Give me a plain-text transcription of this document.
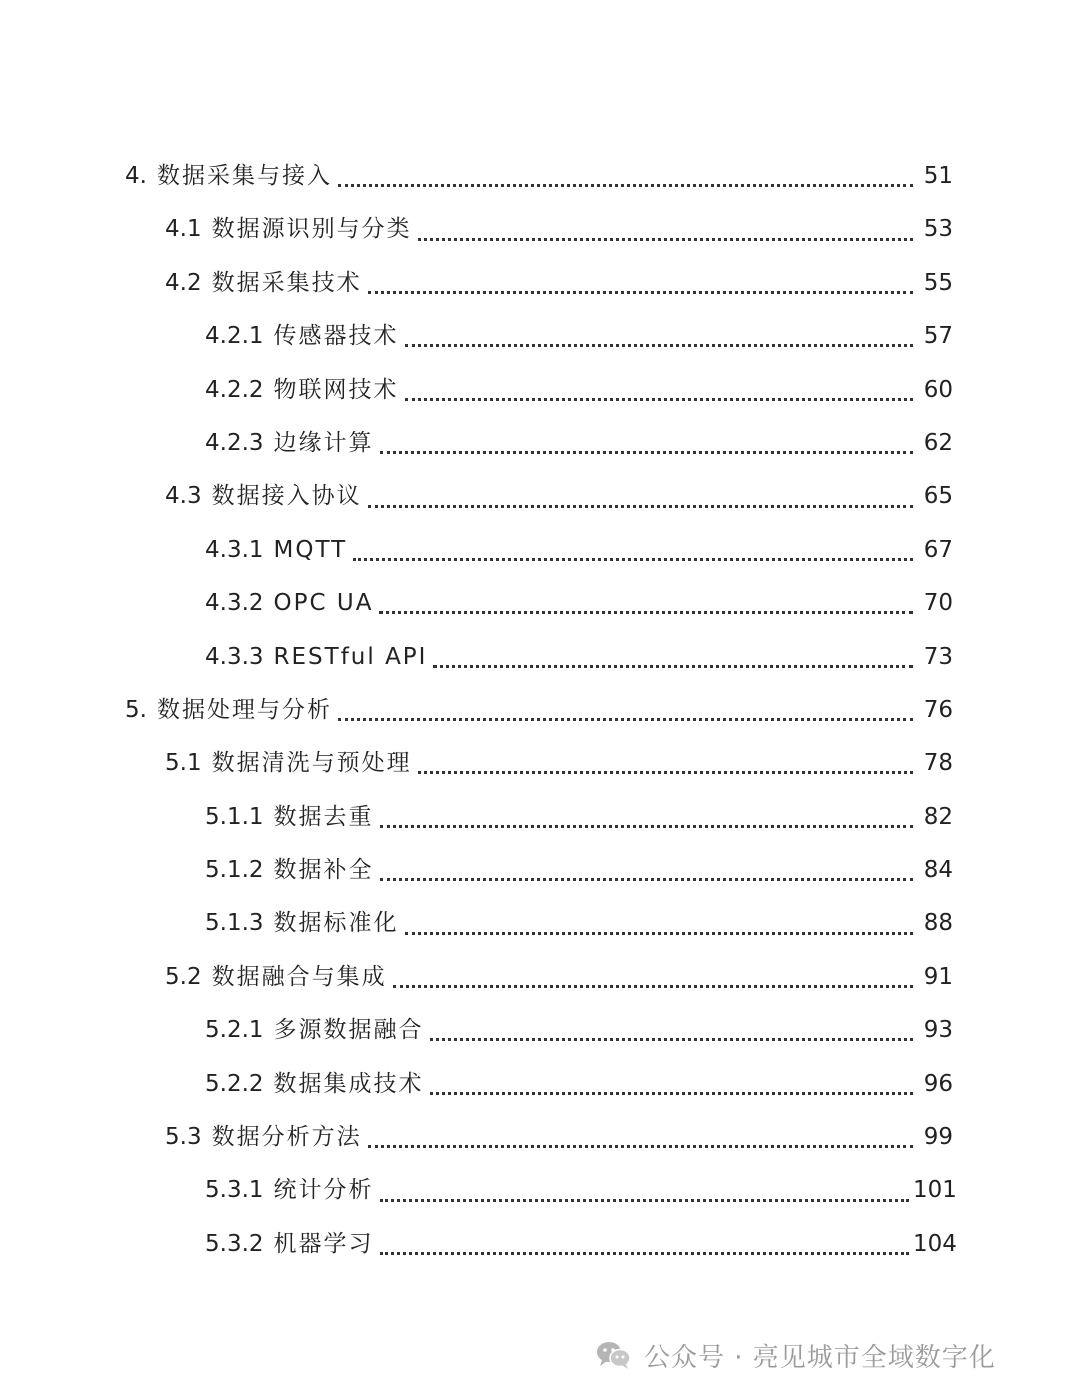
4. 数据采集与接入	51
4.1 数据源识别与分类	53
4.2 数据采集技术	55
4.2.1 传感器技术	57
4.2.2 物联网技术	60
4.2.3 边缘计算	62
4.3 数据接入协议	65
4.3.1 MQTT	67
4.3.2 OPC UA	70
4.3.3 RESTful API	73
5. 数据处理与分析	76
5.1 数据清洗与预处理	78
5.1.1 数据去重	82
5.1.2 数据补全	84
5.1.3 数据标准化	88
5.2 数据融合与集成	91
5.2.1 多源数据融合	93
5.2.2 数据集成技术	96
5.3 数据分析方法	99
5.3.1 统计分析	101
5.3.2 机器学习	104
公众号 · 亮见城市全域数字化
